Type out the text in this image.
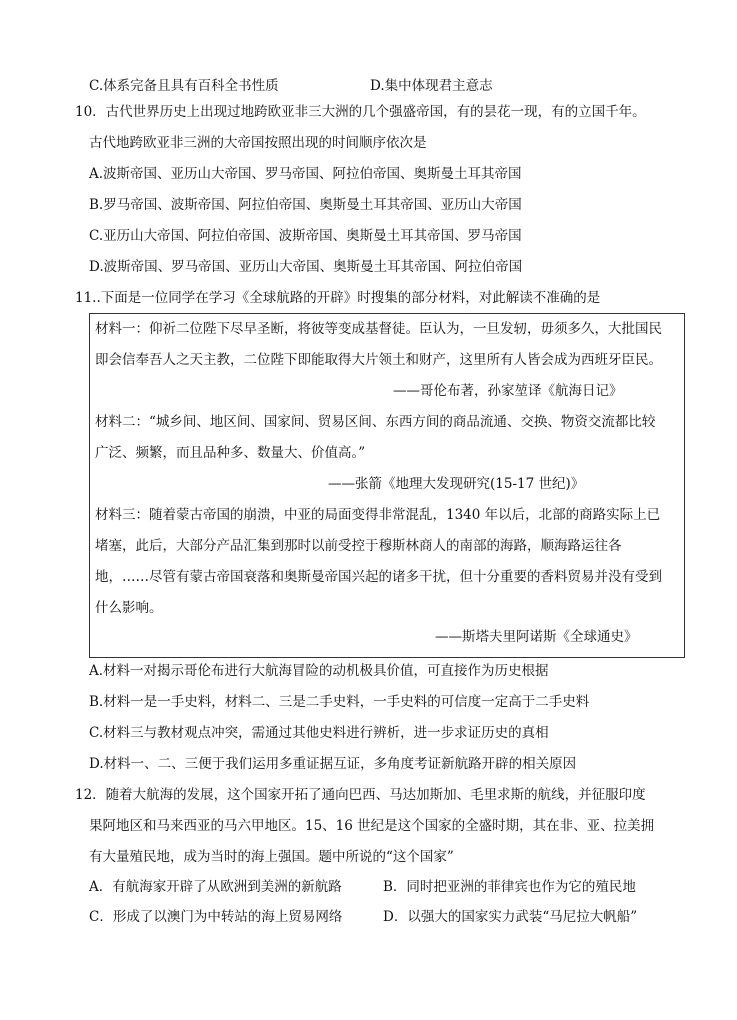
C.体系完备且具有百科全书性质	D.集中体现君主意志
10．古代世界历史上出现过地跨欧亚非三大洲的几个强盛帝国，有的昙花一现，有的立国千年。
古代地跨欧亚非三洲的大帝国按照出现的时间顺序依次是
A.波斯帝国、亚历山大帝国、罗马帝国、阿拉伯帝国、奥斯曼土耳其帝国
B.罗马帝国、波斯帝国、阿拉伯帝国、奥斯曼土耳其帝国、亚历山大帝国
C.亚历山大帝国、阿拉伯帝国、波斯帝国、奥斯曼土耳其帝国、罗马帝国
D.波斯帝国、罗马帝国、亚历山大帝国、奥斯曼土耳其帝国、阿拉伯帝国
11..下面是一位同学在学习《全球航路的开辟》时搜集的部分材料，对此解读不准确的是
材料一：仰祈二位陛下尽早圣断，将彼等变成基督徒。臣认为，一旦发轫，毋须多久，大批国民
即会信奉吾人之天主教，二位陛下即能取得大片领土和财产，这里所有人皆会成为西班牙臣民。
——哥伦布著，孙家堃译《航海日记》
材料二：“城乡间、地区间、国家间、贸易区间、东西方间的商品流通、交换、物资交流都比较
广泛、频繁，而且品种多、数量大、价值高。”
——张箭《地理大发现研究(15-17 世纪)》
材料三：随着蒙古帝国的崩溃，中亚的局面变得非常混乱，1340 年以后，北部的商路实际上已
堵塞，此后，大部分产品汇集到那时以前受控于穆斯林商人的南部的海路，顺海路运往各
地，……尽管有蒙古帝国衰落和奥斯曼帝国兴起的诸多干扰，但十分重要的香料贸易并没有受到
什么影响。
——斯塔夫里阿诺斯《全球通史》
A.材料一对揭示哥伦布进行大航海冒险的动机极具价值，可直接作为历史根据
B.材料一是一手史料，材料二、三是二手史料，一手史料的可信度一定高于二手史料
C.材料三与教材观点冲突，需通过其他史料进行辨析，进一步求证历史的真相
D.材料一、二、三便于我们运用多重证据互证，多角度考证新航路开辟的相关原因
12．随着大航海的发展，这个国家开拓了通向巴西、马达加斯加、毛里求斯的航线，并征服印度
果阿地区和马来西亚的马六甲地区。15、16 世纪是这个国家的全盛时期，其在非、亚、拉美拥
有大量殖民地，成为当时的海上强国。题中所说的“这个国家”
A．有航海家开辟了从欧洲到美洲的新航路	B．同时把亚洲的菲律宾也作为它的殖民地
C．形成了以澳门为中转站的海上贸易网络	D．以强大的国家实力武装“马尼拉大帆船”
